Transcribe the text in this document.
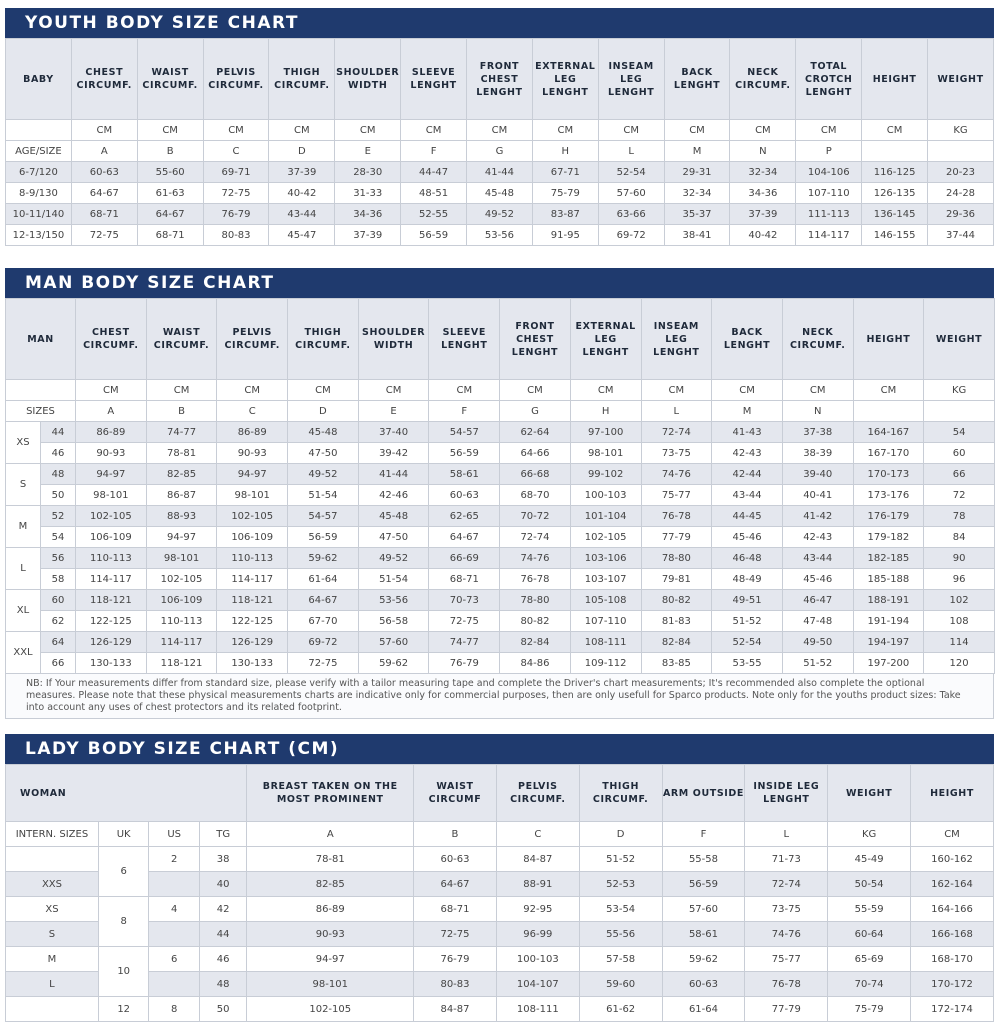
YOUTH BODY SIZE CHART
BABY	CHEST CIRCUMF.	WAIST CIRCUMF.	PELVIS CIRCUMF.	THIGH CIRCUMF.	SHOULDER WIDTH	SLEEVE LENGHT	FRONT CHEST LENGHT	EXTERNAL LEG LENGHT	INSEAM LEG LENGHT	BACK LENGHT	NECK CIRCUMF.	TOTAL CROTCH LENGHT	HEIGHT	WEIGHT
	CM	CM	CM	CM	CM	CM	CM	CM	CM	CM	CM	CM	CM	KG
AGE/SIZE	A	B	C	D	E	F	G	H	L	M	N	P		
6-7/120	60-63	55-60	69-71	37-39	28-30	44-47	41-44	67-71	52-54	29-31	32-34	104-106	116-125	20-23
8-9/130	64-67	61-63	72-75	40-42	31-33	48-51	45-48	75-79	57-60	32-34	34-36	107-110	126-135	24-28
10-11/140	68-71	64-67	76-79	43-44	34-36	52-55	49-52	83-87	63-66	35-37	37-39	111-113	136-145	29-36
12-13/150	72-75	68-71	80-83	45-47	37-39	56-59	53-56	91-95	69-72	38-41	40-42	114-117	146-155	37-44
MAN BODY SIZE CHART
MAN		CHEST CIRCUMF.	WAIST CIRCUMF.	PELVIS CIRCUMF.	THIGH CIRCUMF.	SHOULDER WIDTH	SLEEVE LENGHT	FRONT CHEST LENGHT	EXTERNAL LEG LENGHT	INSEAM LEG LENGHT	BACK LENGHT	NECK CIRCUMF.	HEIGHT	WEIGHT
		CM	CM	CM	CM	CM	CM	CM	CM	CM	CM	CM	CM	KG
SIZES		A	B	C	D	E	F	G	H	L	M	N		
XS	44	86-89	74-77	86-89	45-48	37-40	54-57	62-64	97-100	72-74	41-43	37-38	164-167	54
	46	90-93	78-81	90-93	47-50	39-42	56-59	64-66	98-101	73-75	42-43	38-39	167-170	60
S	48	94-97	82-85	94-97	49-52	41-44	58-61	66-68	99-102	74-76	42-44	39-40	170-173	66
	50	98-101	86-87	98-101	51-54	42-46	60-63	68-70	100-103	75-77	43-44	40-41	173-176	72
M	52	102-105	88-93	102-105	54-57	45-48	62-65	70-72	101-104	76-78	44-45	41-42	176-179	78
	54	106-109	94-97	106-109	56-59	47-50	64-67	72-74	102-105	77-79	45-46	42-43	179-182	84
L	56	110-113	98-101	110-113	59-62	49-52	66-69	74-76	103-106	78-80	46-48	43-44	182-185	90
	58	114-117	102-105	114-117	61-64	51-54	68-71	76-78	103-107	79-81	48-49	45-46	185-188	96
XL	60	118-121	106-109	118-121	64-67	53-56	70-73	78-80	105-108	80-82	49-51	46-47	188-191	102
	62	122-125	110-113	122-125	67-70	56-58	72-75	80-82	107-110	81-83	51-52	47-48	191-194	108
XXL	64	126-129	114-117	126-129	69-72	57-60	74-77	82-84	108-111	82-84	52-54	49-50	194-197	114
	66	130-133	118-121	130-133	72-75	59-62	76-79	84-86	109-112	83-85	53-55	51-52	197-200	120
NB: If Your measurements differ from standard size, please verify with a tailor measuring tape and complete the Driver's chart measurements; It's recommended also complete the optional measures. Please note that these physical measurements charts are indicative only for commercial purposes, then are only usefull for Sparco products. Note only for the youths product sizes: Take into account any uses of chest protectors and its related footprint.
LADY BODY SIZE CHART (CM)
WOMAN				BREAST TAKEN ON THE MOST PROMINENT	WAIST CIRCUMF	PELVIS CIRCUMF.	THIGH CIRCUMF.	ARM OUTSIDE	INSIDE LEG LENGHT	WEIGHT	HEIGHT
INTERN. SIZES	UK	US	TG	A	B	C	D	F	L	KG	CM
	6	2	38	78-81	60-63	84-87	51-52	55-58	71-73	45-49	160-162
XXS			40	82-85	64-67	88-91	52-53	56-59	72-74	50-54	162-164
XS	8	4	42	86-89	68-71	92-95	53-54	57-60	73-75	55-59	164-166
S			44	90-93	72-75	96-99	55-56	58-61	74-76	60-64	166-168
M	10	6	46	94-97	76-79	100-103	57-58	59-62	75-77	65-69	168-170
L			48	98-101	80-83	104-107	59-60	60-63	76-78	70-74	170-172
	12	8	50	102-105	84-87	108-111	61-62	61-64	77-79	75-79	172-174
